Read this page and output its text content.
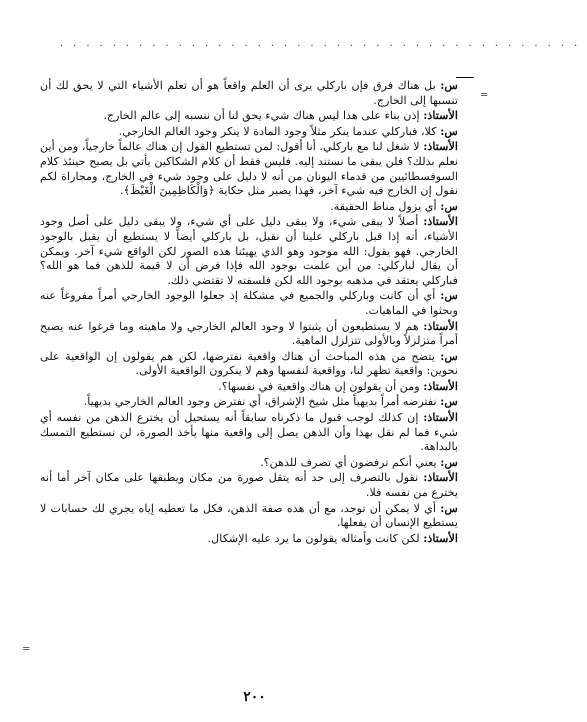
........................................
=
=

س: بل هناك فرق فإن باركلي يرى أن العلم واقعاً هو أن تعلم الأشياء التي لا يحق لك أن تنسبها إلى الخارج.

الأستاذ: إذن بناء على هذا ليس هناك شيء يحق لنا أن ننسبه إلى عالم الخارج.

س: كلا، فباركلي عندما ينكر مثلاً وجود المادة لا ينكر وجود العالم الخارجي.

الأستاذ: لا شغل لنا مع باركلي. أنا أقول: لمن تستطيع القول إن هناك عالماً خارجياً، ومن أين نعلم بذلك؟ فلن يبقى ما نستند إليه. فليس فقط أن كلام الشكاكين يأتي بل يصبح حينئذ كلام السوفسطائيين من قدماء اليونان من أنه لا دليل على وجود شيء في الخارج، ومجاراة لكم نقول إن الخارج فيه شيء آخر، فهذا يصير مثل حكاية ﴿وَالْكَاظِمِينَ الْغَيْظَ﴾.

س: أي يزول مناط الحقيقة.

الأستاذ: أصلاً لا يبقى شيء، ولا يبقى دليل على أي شيء، ولا يبقى دليل على أصل وجود الأشياء، أنه إذا قبل باركلي علينا أن نقبل، بل باركلي أيضاً لا يستطيع أن يقبل بالوجود الخارجي. فهو يقول: الله موجود وهو الذي يهيئنا هذه الصور لكن الواقع شيء آخر. ويمكن أن يقال لباركلي: من أين علمت بوجود الله فإذا فرض أن لا قيمة للذهن فما هو الله؟ فباركلي يعتقد في مذهبه بوجود الله لكن فلسفته لا تقتضي ذلك.

س: أي أن كانت وباركلي والجميع في مشكلة إذ جعلوا الوجود الخارجي أمراً مفروغاً عنه وبحثوا في الماهيات.

الأستاذ: هم لا يستطيعون أن يثبتوا لا وجود العالم الخارجي ولا ماهيته وما فرغوا عنه يصبح أمراً متزلزلاً وبالأولى تتزلزل الماهية.

س: يتضح من هذه المباحث أن هناك واقعية نفترضها، لكن هم يقولون إن الواقعية على نحوين: واقعية تظهر لنا، وواقعية لنفسها وهم لا ينكرون الواقعية الأولى.

الأستاذ: ومن أن يقولون إن هناك واقعية في نفسها؟.

س: نفترضه أمراً بديهياً مثل شيخ الإشراق، أي نفترض وجود العالم الخارجي بديهياً.

الأستاذ: إن كذلك لوجب قبول ما ذكرناه سابقاً أنه يستحيل أن يخترع الذهن من نفسه أي شيء فما لم نقل بهذا وأن الذهن يصل إلى واقعية منها يأخذ الصورة، لن نستطيع التمسك بالبداهة.

س: يعني أنكم ترفضون أي تصرف للذهن؟.

الأستاذ: نقول بالتصرف إلى حد أنه يتقل صورة من مكان ويطبقها على مكان آخر أما أنه يخترع من نفسه فلا.

س: أي لا يمكن أن توجد، مع أن هذه صفة الذهن، فكل ما تعطيه إياه يجري لك حسابات لا يستطيع الإنسان أن يفعلها.

الأستاذ: لكن كانت وأمثاله يقولون ما يرد عليه الإشكال.

٢٠٠
